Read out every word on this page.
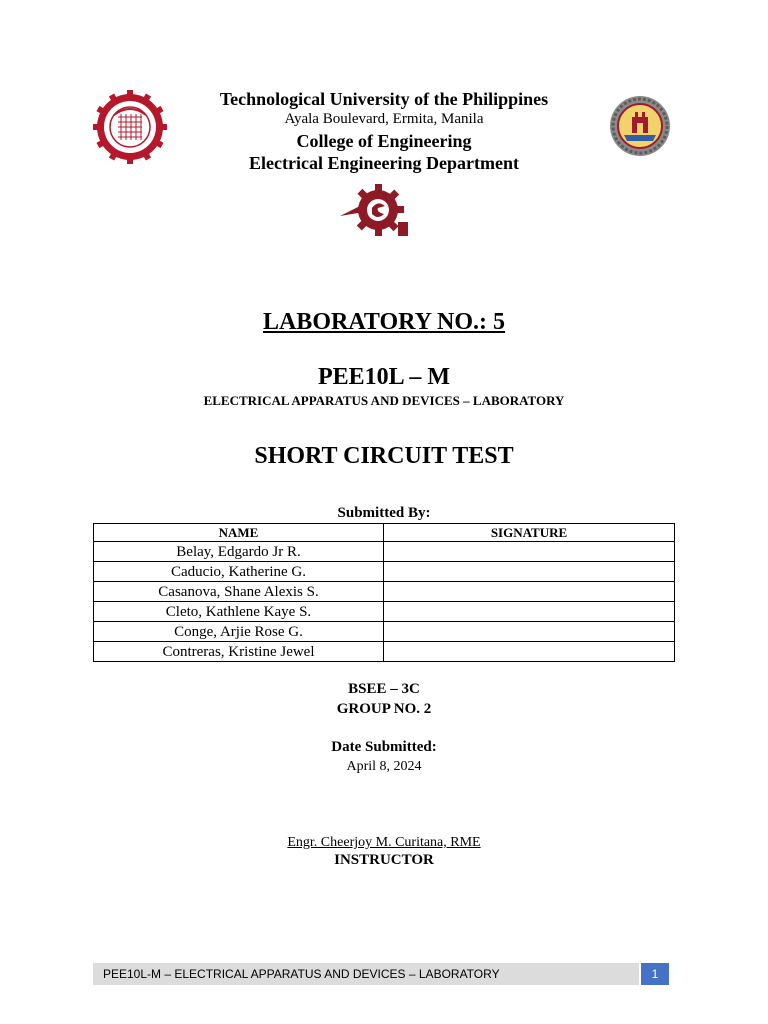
Technological University of the Philippines
Ayala Boulevard, Ermita, Manila
College of Engineering
Electrical Engineering Department
LABORATORY NO.: 5
PEE10L – M
ELECTRICAL APPARATUS AND DEVICES – LABORATORY
SHORT CIRCUIT TEST
Submitted By:
NAME	SIGNATURE
Belay, Edgardo Jr R.	
Caducio, Katherine G.	
Casanova, Shane Alexis S.	
Cleto, Kathlene Kaye S.	
Conge, Arjie Rose G.	
Contreras, Kristine Jewel	
BSEE – 3C
GROUP NO. 2
Date Submitted:
April 8, 2024
Engr. Cheerjoy M. Curitana, RME
INSTRUCTOR
PEE10L-M – ELECTRICAL APPARATUS AND DEVICES – LABORATORY	1
